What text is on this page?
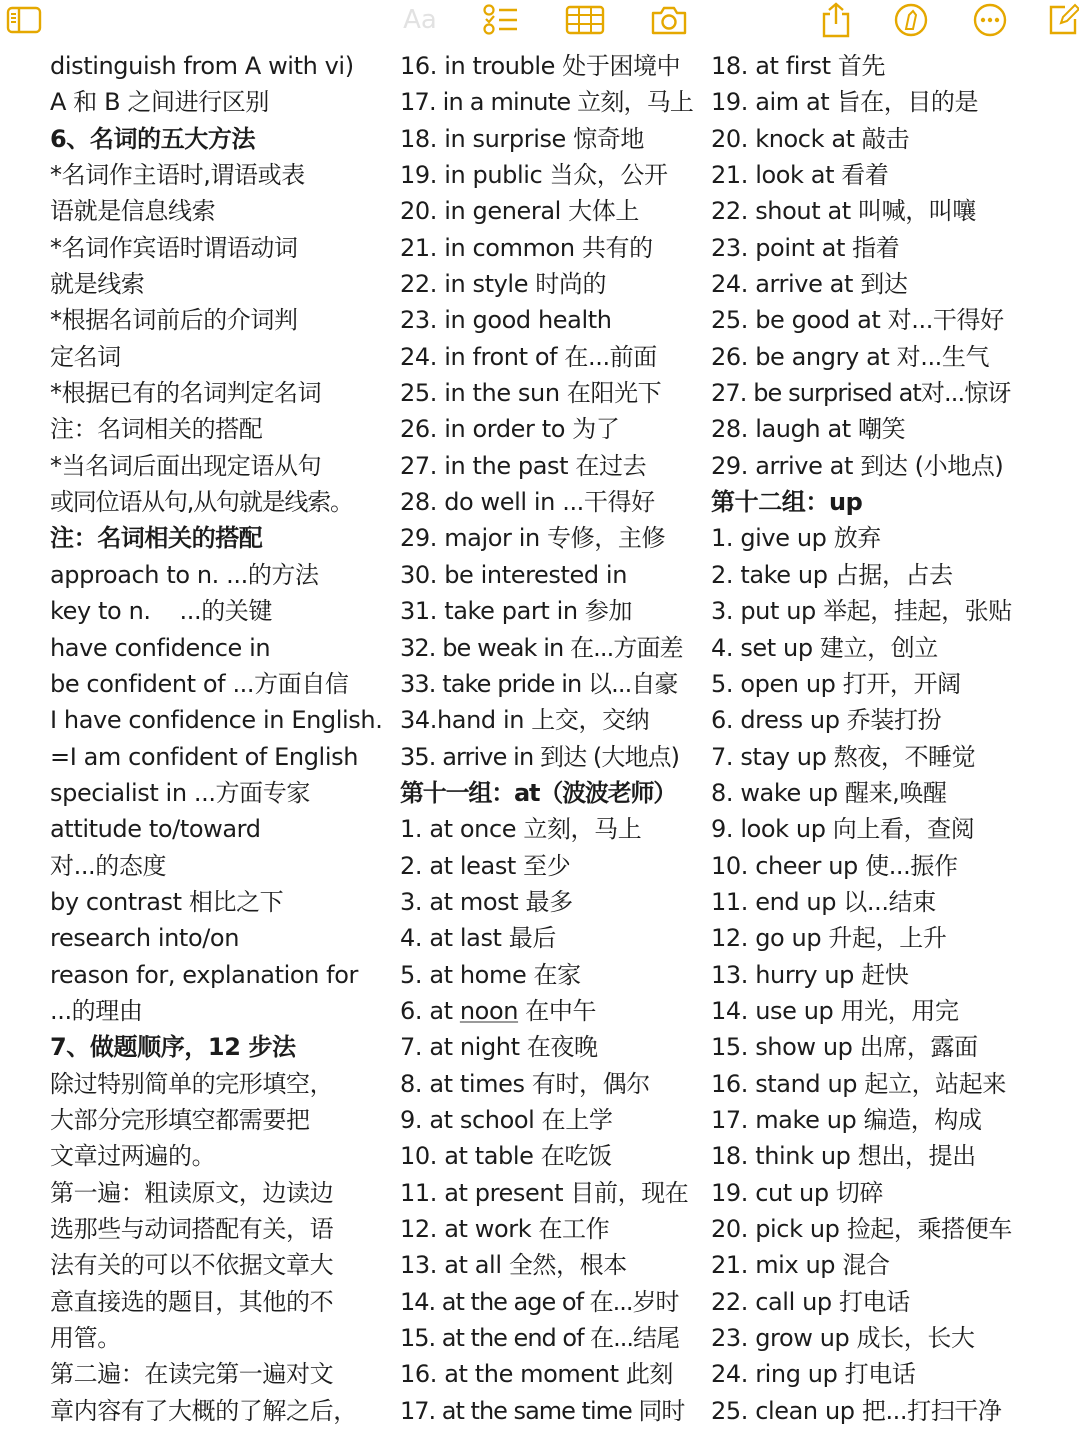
Aa
distinguish from A with vi)
A 和 B 之间进行区别
6、名词的五大方法
*名词作主语时,谓语或表
语就是信息线索
*名词作宾语时谓语动词
就是线索
*根据名词前后的介词判
定名词
*根据已有的名词判定名词
注：名词相关的搭配
*当名词后面出现定语从句
或同位语从句,从句就是线索。
注：名词相关的搭配
approach to n. ...的方法
key to n.    ...的关键
have confidence in
be confident of ...方面自信
I have confidence in English.
=I am confident of English
specialist in ...方面专家
attitude to/toward
对...的态度
by contrast 相比之下
research into/on
reason for, explanation for
...的理由
7、做题顺序，12 步法
除过特别简单的完形填空，
大部分完形填空都需要把
文章过两遍的。
第一遍：粗读原文，边读边
选那些与动词搭配有关，语
法有关的可以不依据文章大
意直接选的题目，其他的不
用管。
第二遍：在读完第一遍对文
章内容有了大概的了解之后，
16. in trouble 处于困境中
17. in a minute 立刻，马上
18. in surprise 惊奇地
19. in public 当众，公开
20. in general 大体上
21. in common 共有的
22. in style 时尚的
23. in good health
24. in front of 在...前面
25. in the sun 在阳光下
26. in order to 为了
27. in the past 在过去
28. do well in ...干得好
29. major in 专修，主修
30. be interested in
31. take part in 参加
32. be weak in 在...方面差
33. take pride in 以...自豪
34.hand in 上交，交纳
35. arrive in 到达 (大地点)
第十一组：at（波波老师）
1. at once 立刻，马上
2. at least 至少
3. at most 最多
4. at last 最后
5. at home 在家
6. at noon 在中午
7. at night 在夜晚
8. at times 有时，偶尔
9. at school 在上学
10. at table 在吃饭
11. at present 目前，现在
12. at work 在工作
13. at all 全然，根本
14. at the age of 在...岁时
15. at the end of 在...结尾
16. at the moment 此刻
17. at the same time 同时
18. at first 首先
19. aim at 旨在，目的是
20. knock at 敲击
21. look at 看着
22. shout at 叫喊，叫嚷
23. point at 指着
24. arrive at 到达
25. be good at 对...干得好
26. be angry at 对...生气
27. be surprised at对...惊讶
28. laugh at 嘲笑
29. arrive at 到达 (小地点)
第十二组：up
1. give up 放弃
2. take up 占据，占去
3. put up 举起，挂起，张贴
4. set up 建立，创立
5. open up 打开，开阔
6. dress up 乔装打扮
7. stay up 熬夜，不睡觉
8. wake up 醒来,唤醒
9. look up 向上看，查阅
10. cheer up 使...振作
11. end up 以...结束
12. go up 升起，上升
13. hurry up 赶快
14. use up 用光，用完
15. show up 出席，露面
16. stand up 起立，站起来
17. make up 编造，构成
18. think up 想出，提出
19. cut up 切碎
20. pick up 捡起，乘搭便车
21. mix up 混合
22. call up 打电话
23. grow up 成长，长大
24. ring up 打电话
25. clean up 把...打扫干净
